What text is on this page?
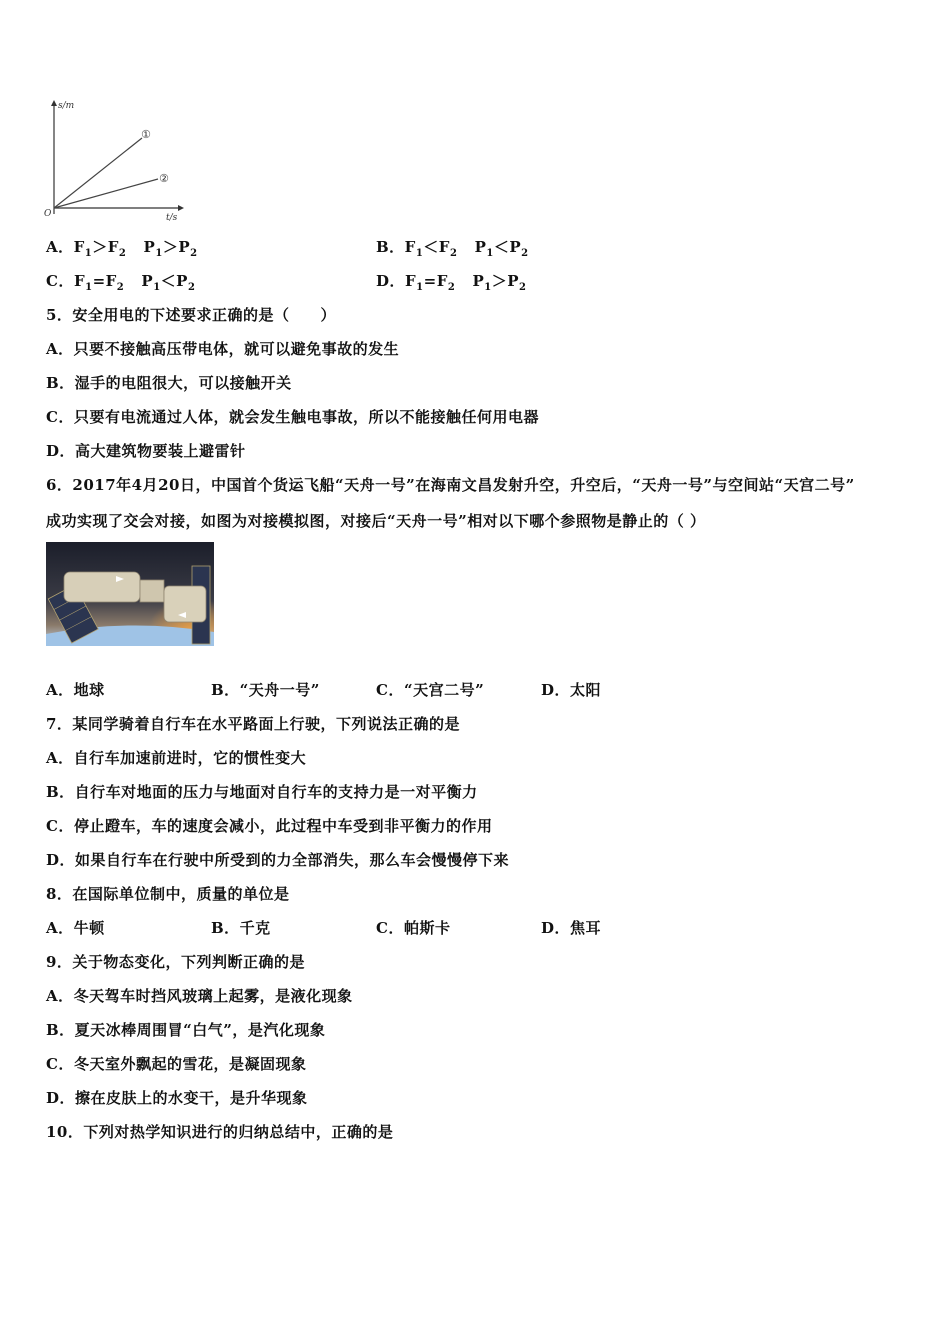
s/m
t/s
O
①
②
A．$F_1>F_2$   $P_1>P_2$	B．$F_1<F_2$   $P_1<P_2$
C．$F_1=F_2$   $P_1<P_2$	D．$F_1=F_2$   $P_1>P_2$
5．安全用电的下述要求正确的是（　　）
A．只要不接触高压带电体，就可以避免事故的发生
B．湿手的电阻很大，可以接触开关
C．只要有电流通过人体，就会发生触电事故，所以不能接触任何用电器
D．高大建筑物要装上避雷针
6．2017年4月20日，中国首个货运飞船“天舟一号”在海南文昌发射升空，升空后，“天舟一号”与空间站“天宫二号”
成功实现了交会对接，如图为对接模拟图，对接后“天舟一号”相对以下哪个参照物是静止的（ ）
A．地球	B．“天舟一号”	C．“天宫二号”	D．太阳
7．某同学骑着自行车在水平路面上行驶，下列说法正确的是
A．自行车加速前进时，它的惯性变大
B．自行车对地面的压力与地面对自行车的支持力是一对平衡力
C．停止蹬车，车的速度会减小，此过程中车受到非平衡力的作用
D．如果自行车在行驶中所受到的力全部消失，那么车会慢慢停下来
8．在国际单位制中，质量的单位是
A．牛顿	B．千克	C．帕斯卡	D．焦耳
9．关于物态变化，下列判断正确的是
A．冬天驾车时挡风玻璃上起雾，是液化现象
B．夏天冰棒周围冒“白气”，是汽化现象
C．冬天室外飘起的雪花，是凝固现象
D．擦在皮肤上的水变干，是升华现象
10．下列对热学知识进行的归纳总结中，正确的是
